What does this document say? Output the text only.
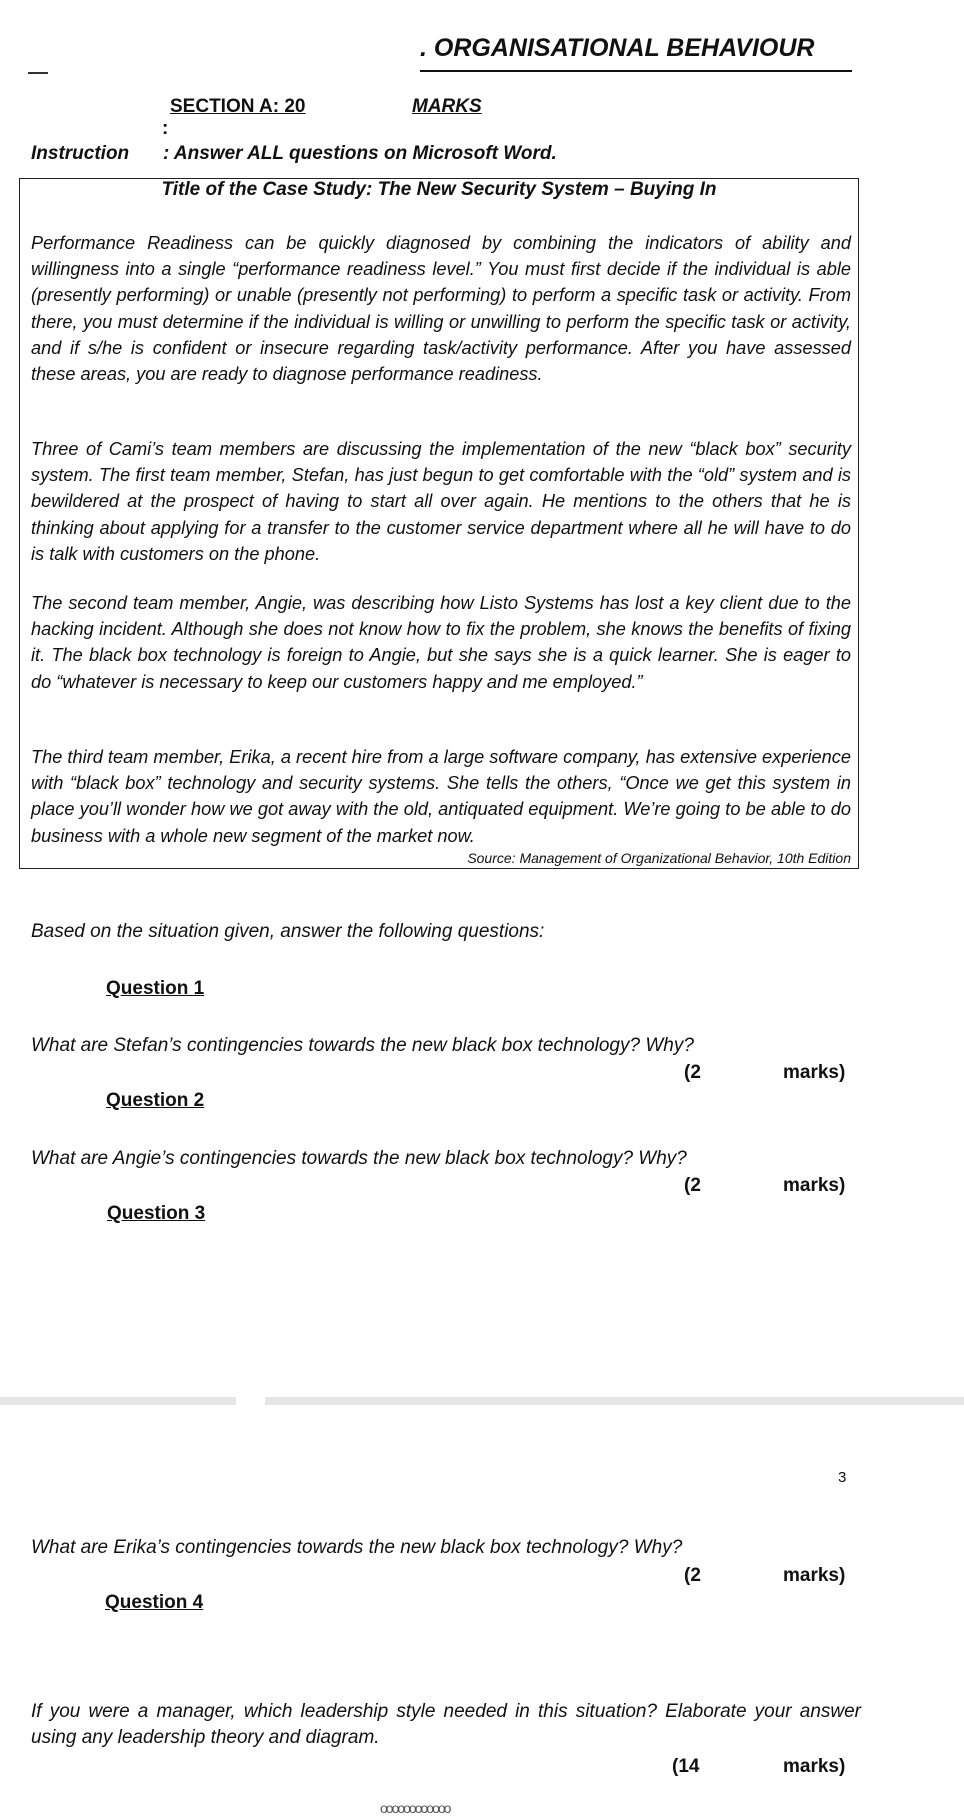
. ORGANISATIONAL BEHAVIOUR
SECTION A: 20	MARKS
:
Instruction : Answer ALL questions on Microsoft Word.
Title of the Case Study: The New Security System – Buying In
Performance Readiness can be quickly diagnosed by combining the indicators of ability and willingness into a single “performance readiness level.” You must first decide if the individual is able (presently performing) or unable (presently not performing) to perform a specific task or activity. From there, you must determine if the individual is willing or unwilling to perform the specific task or activity, and if s/he is confident or insecure regarding task/activity performance. After you have assessed these areas, you are ready to diagnose performance readiness.
Three of Cami’s team members are discussing the implementation of the new “black box” security system. The first team member, Stefan, has just begun to get comfortable with the “old” system and is bewildered at the prospect of having to start all over again. He mentions to the others that he is thinking about applying for a transfer to the customer service department where all he will have to do is talk with customers on the phone.
The second team member, Angie, was describing how Listo Systems has lost a key client due to the hacking incident. Although she does not know how to fix the problem, she knows the benefits of fixing it. The black box technology is foreign to Angie, but she says she is a quick learner. She is eager to do “whatever is necessary to keep our customers happy and me employed.”
The third team member, Erika, a recent hire from a large software company, has extensive experience with “black box” technology and security systems. She tells the others, “Once we get this system in place you’ll wonder how we got away with the old, antiquated equipment. We’re going to be able to do business with a whole new segment of the market now.
Source: Management of Organizational Behavior, 10th Edition
Based on the situation given, answer the following questions:
Question 1
What are Stefan’s contingencies towards the new black box technology? Why?
(2	marks)
Question 2
What are Angie’s contingencies towards the new black box technology? Why?
(2	marks)
Question 3
3
What are Erika’s contingencies towards the new black box technology? Why?
(2	marks)
Question 4
If you were a manager, which leadership style needed in this situation? Elaborate your answer using any leadership theory and diagram.
(14	marks)
oooooooooooo
